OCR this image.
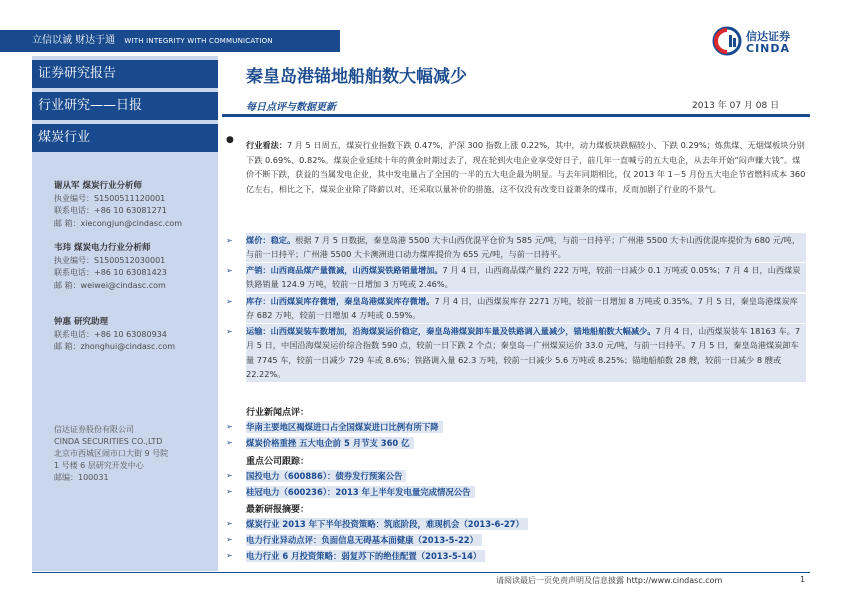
立信以诚 财达于通 WITH INTEGRITY WITH COMMUNICATION	信达证券
CINDA
证券研究报告
行业研究——日报
煤炭行业
谢从军 煤炭行业分析师
执业编号：S1500511120001
联系电话：+86 10 63081271
邮 箱：xiecongjun@cindasc.com
韦玮 煤炭电力行业分析师
执业编号：S1500512030001
联系电话：+86 10 63081423
邮 箱：weiwei@cindasc.com
钟惠 研究助理
联系电话：+86 10 63080934
邮 箱：zhonghui@cindasc.com
信达证券股份有限公司
CINDA SECURITIES CO.,LTD
北京市西城区闹市口大街 9 号院
1 号楼 6 层研究开发中心
邮编：100031
秦皇岛港锚地船舶数大幅减少
每日点评与数据更新	2013 年 07 月 08 日
● 行业看法：7 月 5 日周五，煤炭行业指数下跌 0.47%，沪深 300 指数上涨 0.22%，其中，动力煤板块跌幅较小、下跌 0.29%；炼焦煤、无烟煤板块分别下跌 0.69%、0.82%。煤炭企业延续十年的黄金时期过去了，现在轮到火电企业享受好日子，前几年一直喊亏的五大电企，从去年开始“闷声赚大钱”。煤价不断下跌，获益的当属发电企业，其中发电量占了全国的一半的五大电企最为明显。与去年同期相比，仅 2013 年 1－5 月份五大电企节省燃料成本 360 亿左右，相比之下，煤炭企业除了降薪以对，还采取以量补价的措施，这不仅没有改变日益萧条的煤市，反而加剧了行业的不景气。
➢ 煤价：稳定。根据 7 月 5 日数据，秦皇岛港 5500 大卡山西优混平仓价为 585 元/吨，与前一日持平；广州港 5500 大卡山西优混库提价为 680 元/吨，与前一日持平；广州港 5500 大卡澳洲进口动力煤库提价为 655 元/吨，与前一日持平。
➢ 产销：山西商品煤产量微减，山西煤炭铁路销量增加。7 月 4 日，山西商品煤产量约 222 万吨，较前一日减少 0.1 万吨或 0.05%；7 月 4 日，山西煤炭铁路销量 124.9 万吨，较前一日增加 3 万吨或 2.46%。
➢ 库存：山西煤炭库存微增，秦皇岛港煤炭库存微增。7 月 4 日，山西煤炭库存 2271 万吨，较前一日增加 8 万吨或 0.35%。7 月 5 日，秦皇岛港煤炭库存 682 万吨，较前一日增加 4 万吨或 0.59%。
➢ 运输：山西煤炭装车数增加，沿海煤炭运价稳定，秦皇岛港煤炭卸车量及铁路调入量减少，锚地船舶数大幅减少。7 月 4 日，山西煤炭装车 18163 车。7 月 5 日，中国沿海煤炭运价综合指数 590 点，较前一日下跌 2 个点；秦皇岛－广州煤炭运价 33.0 元/吨，与前一日持平。7 月 5 日，秦皇岛港煤炭卸车量 7745 车，较前一日减少 729 车或 8.6%；铁路调入量 62.3 万吨，较前一日减少 5.6 万吨或 8.25%；锚地船舶数 28 艘，较前一日减少 8 艘或 22.22%。
行业新闻点评：
➢ 华南主要地区褐煤进口占全国煤炭进口比例有所下降
➢ 煤炭价格重挫 五大电企前 5 月节支 360 亿
重点公司跟踪：
➢ 国投电力（600886）：债券发行预案公告
➢ 桂冠电力（600236）：2013 年上半年发电量完成情况公告
最新研报摘要：
➢ 煤炭行业 2013 年下半年投资策略：筑底阶段，难现机会（2013-6-27）
➢ 电力行业异动点评：负面信息无碍基本面健康（2013-5-22）
➢ 电力行业 6 月投资策略：弱复苏下的绝佳配置（2013-5-14）
请阅读最后一页免责声明及信息披露 http://www.cindasc.com	1
